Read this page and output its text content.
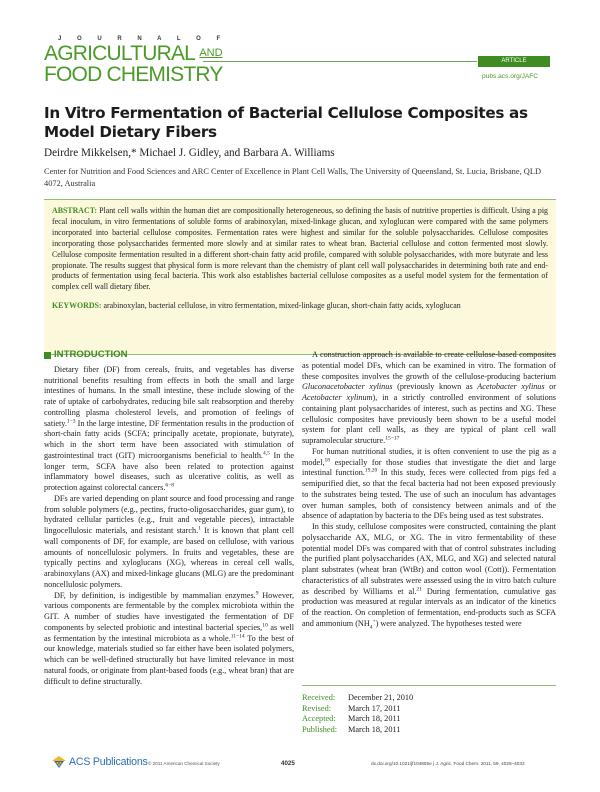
J O U R N A L O F
AGRICULTURAL AND
FOOD CHEMISTRY
ARTICLE
pubs.acs.org/JAFC
In Vitro Fermentation of Bacterial Cellulose Composites as Model Dietary Fibers
Deirdre Mikkelsen,* Michael J. Gidley, and Barbara A. Williams
Center for Nutrition and Food Sciences and ARC Center of Excellence in Plant Cell Walls, The University of Queensland, St. Lucia, Brisbane, QLD 4072, Australia

ABSTRACT: Plant cell walls within the human diet are compositionally heterogeneous, so defining the basis of nutritive properties is difficult. Using a pig fecal inoculum, in vitro fermentations of soluble forms of arabinoxylan, mixed-linkage glucan, and xyloglucan were compared with the same polymers incorporated into bacterial cellulose composites. Fermentation rates were highest and similar for the soluble polysaccharides. Cellulose composites incorporating those polysaccharides fermented more slowly and at similar rates to wheat bran. Bacterial cellulose and cotton fermented most slowly. Cellulose composite fermentation resulted in a different short-chain fatty acid profile, compared with soluble polysaccharides, with more butyrate and less propionate. The results suggest that physical form is more relevant than the chemistry of plant cell wall polysaccharides in determining both rate and end-products of fermentation using fecal bacteria. This work also establishes bacterial cellulose composites as a useful model system for the fermentation of complex cell wall dietary fiber.

KEYWORDS: arabinoxylan, bacterial cellulose, in vitro fermentation, mixed-linkage glucan, short-chain fatty acids, xyloglucan

INTRODUCTION

Dietary fiber (DF) from cereals, fruits, and vegetables has diverse nutritional benefits resulting from effects in both the small and large intestines of humans. In the small intestine, these include slowing of the rate of uptake of carbohydrates, reducing bile salt reabsorption and thereby controlling plasma cholesterol levels, and promotion of feelings of satiety.$^{1-3}$ In the large intestine, DF fermentation results in the production of short-chain fatty acids (SCFA; principally acetate, propionate, butyrate), which in the short term have been associated with stimulation of gastrointestinal tract (GIT) microorganisms beneficial to health.$^{4,5}$ In the longer term, SCFA have also been related to protection against inflammatory bowel diseases, such as ulcerative colitis, as well as protection against colorectal cancers.$^{6-8}$

DFs are varied depending on plant source and food processing and range from soluble polymers (e.g., pectins, fructo-oligosaccharides, guar gum), to hydrated cellular particles (e.g., fruit and vegetable pieces), intractable lingocellulosic materials, and resistant starch.$^1$ It is known that plant cell wall components of DF, for example, are based on cellulose, with various amounts of noncellulosic polymers. In fruits and vegetables, these are typically pectins and xyloglucans (XG), whereas in cereal cell walls, arabinoxylans (AX) and mixed-linkage glucans (MLG) are the predominant noncellulosic polymers.

DF, by definition, is indigestible by mammalian enzymes.$^9$ However, various components are fermentable by the complex microbiota within the GIT. A number of studies have investigated the fermentation of DF components by selected probiotic and intestinal bacterial species,$^{10}$ as well as fermentation by the intestinal microbiota as a whole.$^{11-14}$ To the best of our knowledge, materials studied so far either have been isolated polymers, which can be well-defined structurally but have limited relevance in most natural foods, or originate from plant-based foods (e.g., wheat bran) that are difficult to define structurally.

A construction approach is available to create cellulose-based composites as potential model DFs, which can be examined in vitro. The formation of these composites involves the growth of the cellulose-producing bacterium Gluconacetobacter xylinus (previously known as Acetobacter xylinus or Acetobacter xylinum), in a strictly controlled environment of solutions containing plant polysaccharides of interest, such as pectins and XG. These cellulosic composites have previously been shown to be a useful model system for plant cell walls, as they are typical of plant cell wall supramolecular structure.$^{15-17}$

For human nutritional studies, it is often convenient to use the pig as a model,$^{18}$ especially for those studies that investigate the diet and large intestinal function.$^{19,20}$ In this study, feces were collected from pigs fed a semipurified diet, so that the fecal bacteria had not been exposed previously to the substrates being tested. The use of such an inoculum has advantages over human samples, both of consistency between animals and of the absence of adaptation by bacteria to the DFs being used as test substrates.

In this study, cellulose composites were constructed, containing the plant polysaccharide AX, MLG, or XG. The in vitro fermentability of these potential model DFs was compared with that of control substrates including the purified plant polysaccharides (AX, MLG, and XG) and selected natural plant substrates (wheat bran (WtBr) and cotton wool (Cott)). Fermentation characteristics of all substrates were assessed using the in vitro batch culture as described by Williams et al.$^{21}$ During fermentation, cumulative gas production was measured at regular intervals as an indicator of the kinetics of the reaction. On completion of fermentation, end-products such as SCFA and ammonium $(NH_4^+)$ were analyzed. The hypotheses tested were

Received:	December 21, 2010
Revised:	March 17, 2011
Accepted:	March 18, 2011
Published:	March 18, 2011
ACS Publications © 2011 American Chemical Society	4025	dx.doi.org/10.1021/jf104855e | J. Agric. Food Chem. 2011, 59, 4025–4032
